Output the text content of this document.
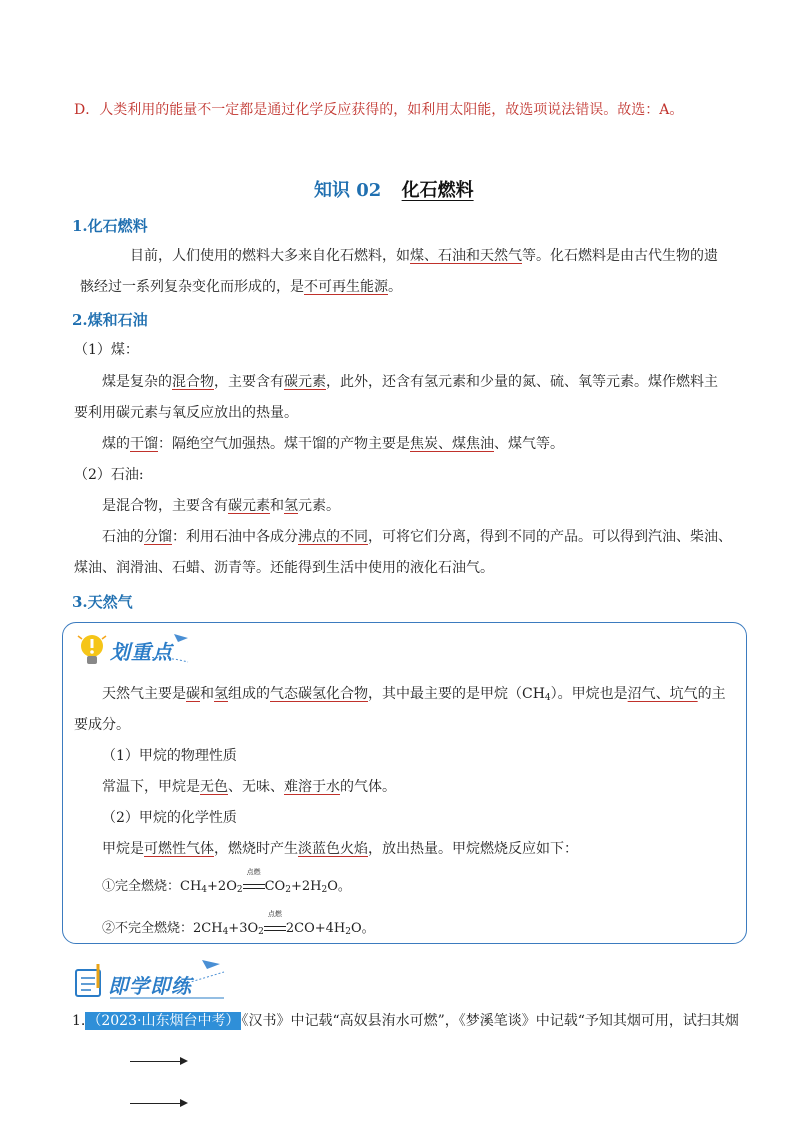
D．人类利用的能量不一定都是通过化学反应获得的，如利用太阳能，故选项说法错误。故选：A。
知识 02 化石燃料
1.化石燃料
目前，人们使用的燃料大多来自化石燃料，如煤、石油和天然气等。化石燃料是由古代生物的遗
骸经过一系列复杂变化而形成的，是不可再生能源。
2.煤和石油
（1）煤：
煤是复杂的混合物，主要含有碳元素，此外，还含有氢元素和少量的氮、硫、氧等元素。煤作燃料主
要利用碳元素与氧反应放出的热量。
煤的干馏：隔绝空气加强热。煤干馏的产物主要是焦炭、煤焦油、煤气等。
（2）石油:
是混合物，主要含有碳元素和氢元素。
石油的分馏：利用石油中各成分沸点的不同，可将它们分离，得到不同的产品。可以得到汽油、柴油、
煤油、润滑油、石蜡、沥青等。还能得到生活中使用的液化石油气。
3.天然气
划重点
天然气主要是碳和氢组成的气态碳氢化合物，其中最主要的是甲烷$(CH_4)$。甲烷也是沼气、坑气的主
要成分。
（1）甲烷的物理性质
常温下，甲烷是无色、无味、难溶于水的气体。
（2）甲烷的化学性质
甲烷是可燃性气体，燃烧时产生淡蓝色火焰，放出热量。甲烷燃烧反应如下：
①完全燃烧：$CH_4+2O_2$
点燃
$CO_2+2H_2O$。
②不完全燃烧：$2CH_4+3O_2$
点燃
$2CO+4H_2O$。
即学即练
1. （2023·山东烟台中考） 《汉书》中记载“高奴县洧水可燃”，《梦溪笔谈》中记载“予知其烟可用，试扫其烟
